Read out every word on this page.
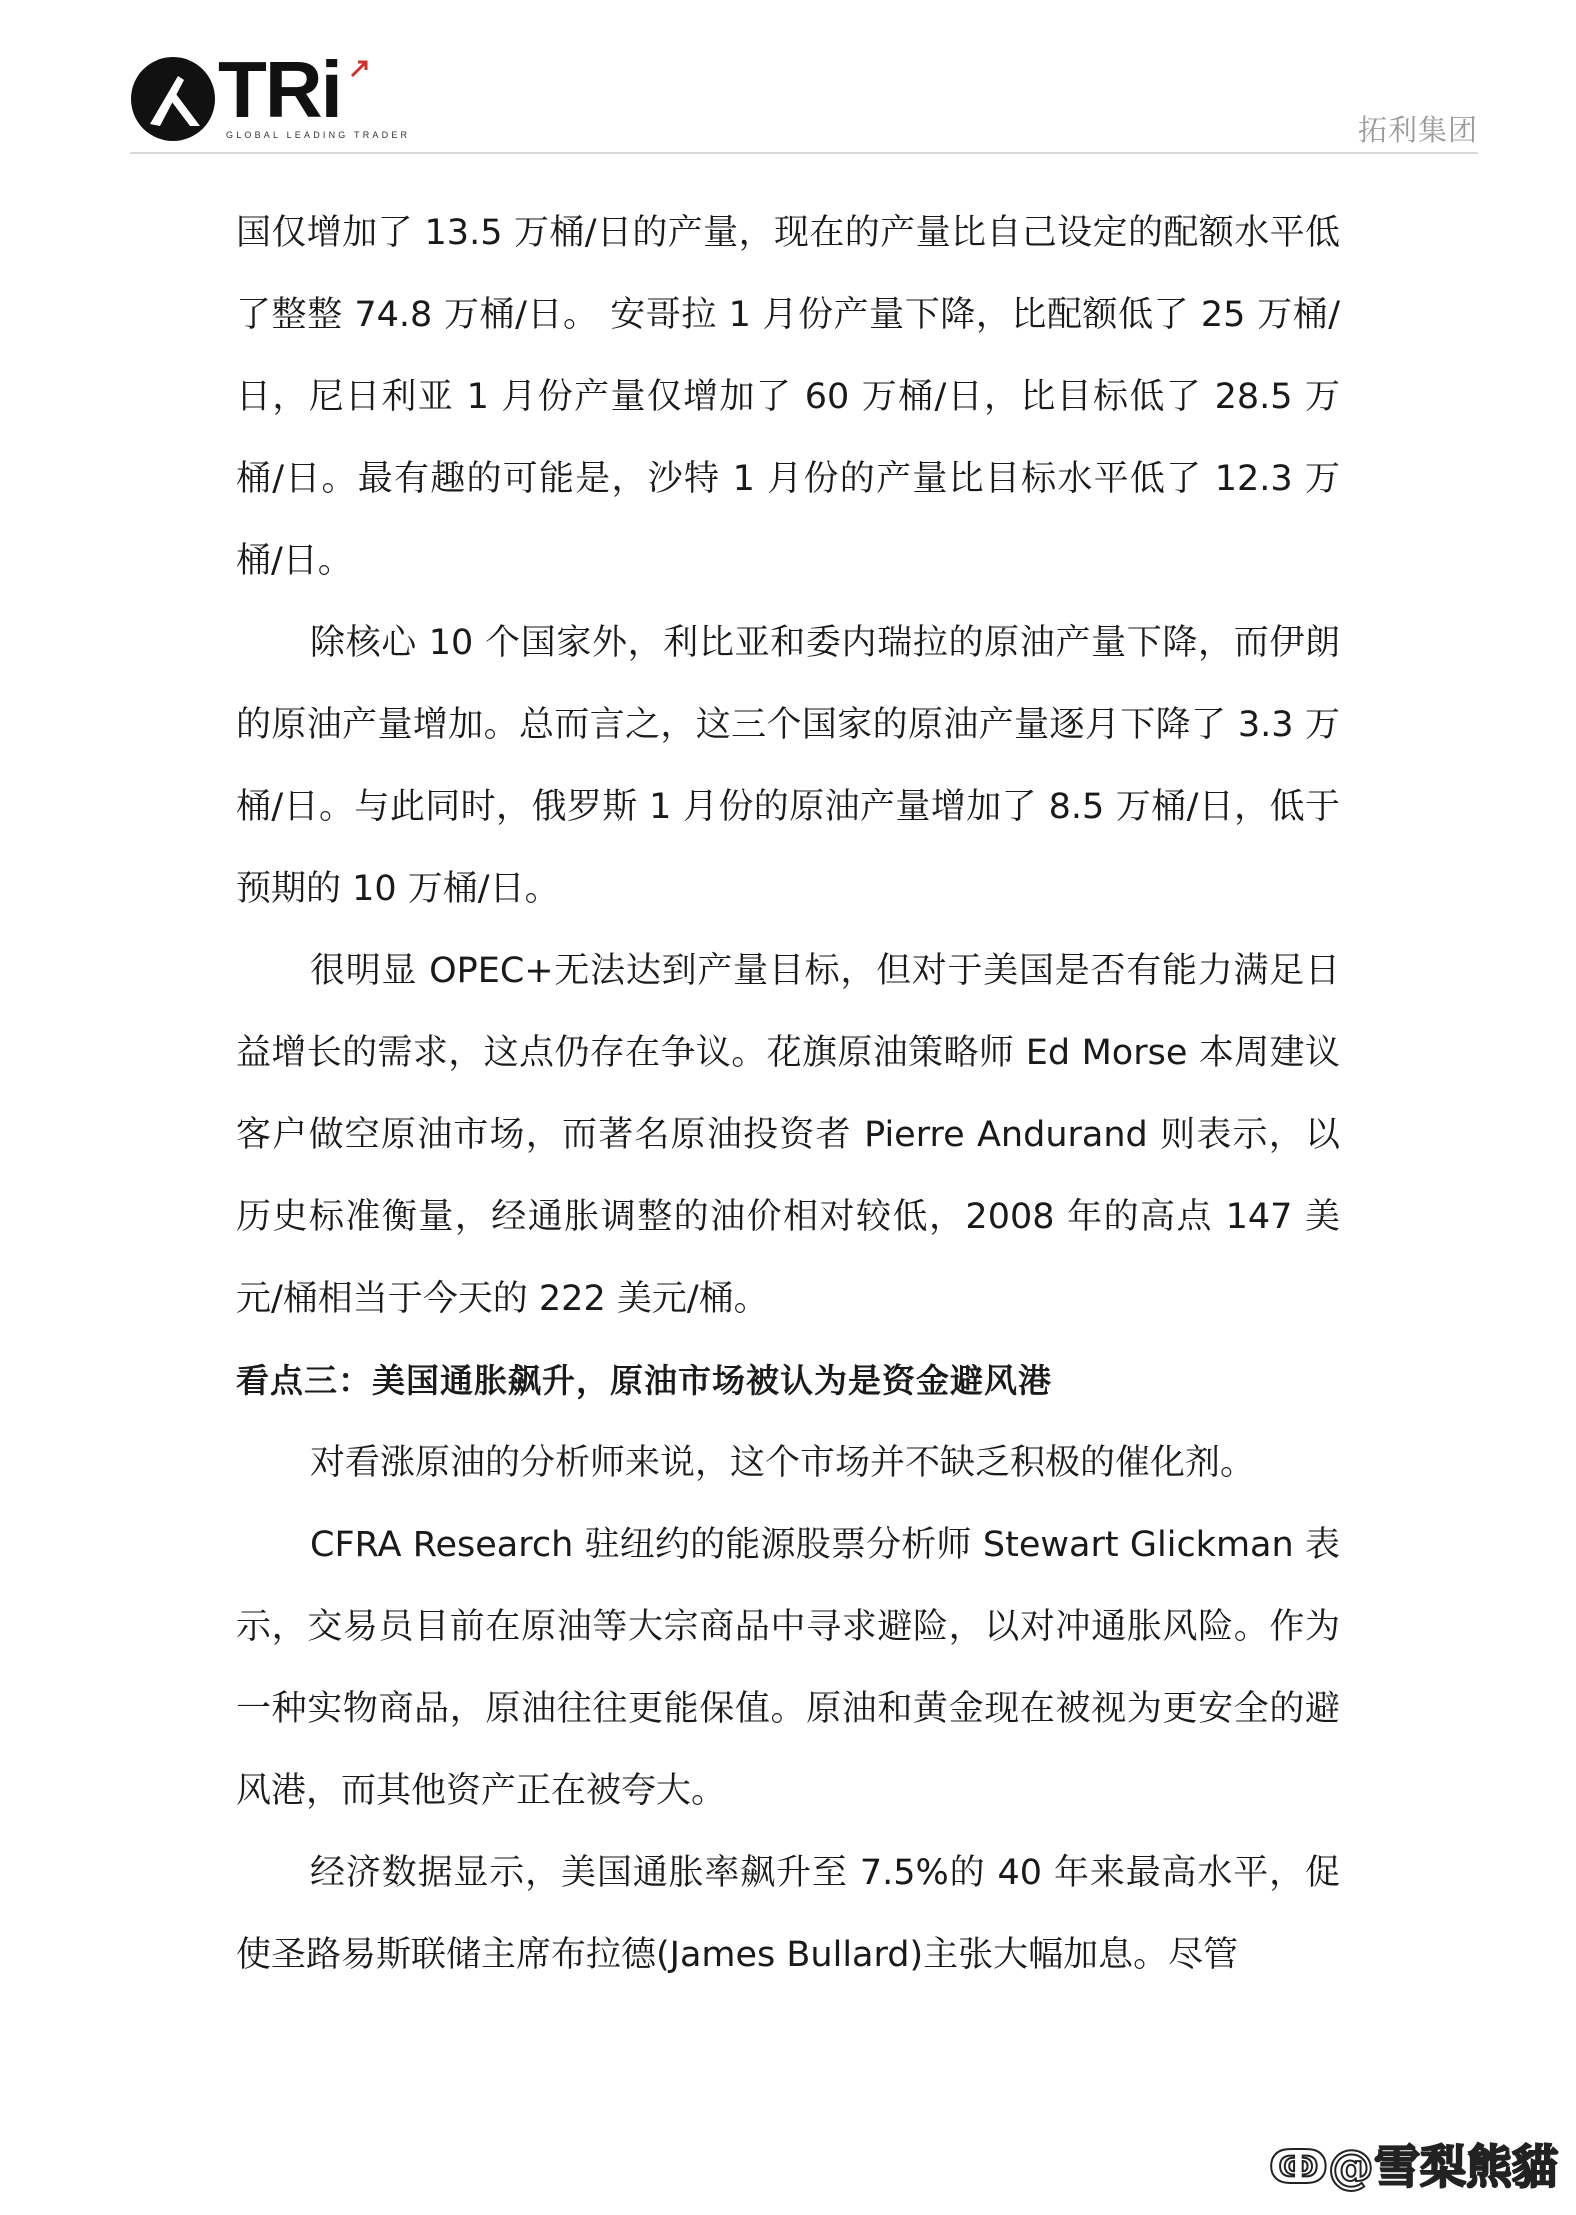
TRi
GLOBAL LEADING TRADER	拓利集团

国仅增加了 13.5 万桶/日的产量，现在的产量比自己设定的配额水平低了整整 74.8 万桶/日。 安哥拉 1 月份产量下降，比配额低了 25 万桶/日，尼日利亚 1 月份产量仅增加了 60 万桶/日，比目标低了 28.5 万桶/日。最有趣的可能是，沙特 1 月份的产量比目标水平低了 12.3 万桶/日。

除核心 10 个国家外，利比亚和委内瑞拉的原油产量下降，而伊朗的原油产量增加。总而言之，这三个国家的原油产量逐月下降了 3.3 万桶/日。与此同时，俄罗斯 1 月份的原油产量增加了 8.5 万桶/日，低于预期的 10 万桶/日。

很明显 OPEC+无法达到产量目标，但对于美国是否有能力满足日益增长的需求，这点仍存在争议。花旗原油策略师 Ed Morse 本周建议客户做空原油市场，而著名原油投资者 Pierre Andurand 则表示，以历史标准衡量，经通胀调整的油价相对较低，2008 年的高点 147 美元/桶相当于今天的 222 美元/桶。

看点三：美国通胀飙升，原油市场被认为是资金避风港

对看涨原油的分析师来说，这个市场并不缺乏积极的催化剂。

CFRA Research 驻纽约的能源股票分析师 Stewart Glickman 表示，交易员目前在原油等大宗商品中寻求避险，以对冲通胀风险。作为一种实物商品，原油往往更能保值。原油和黄金现在被视为更安全的避风港，而其他资产正在被夸大。

经济数据显示，美国通胀率飙升至 7.5%的 40 年来最高水平，促使圣路易斯联储主席布拉德(James Bullard)主张大幅加息。尽管

ↂ@雪梨熊貓
